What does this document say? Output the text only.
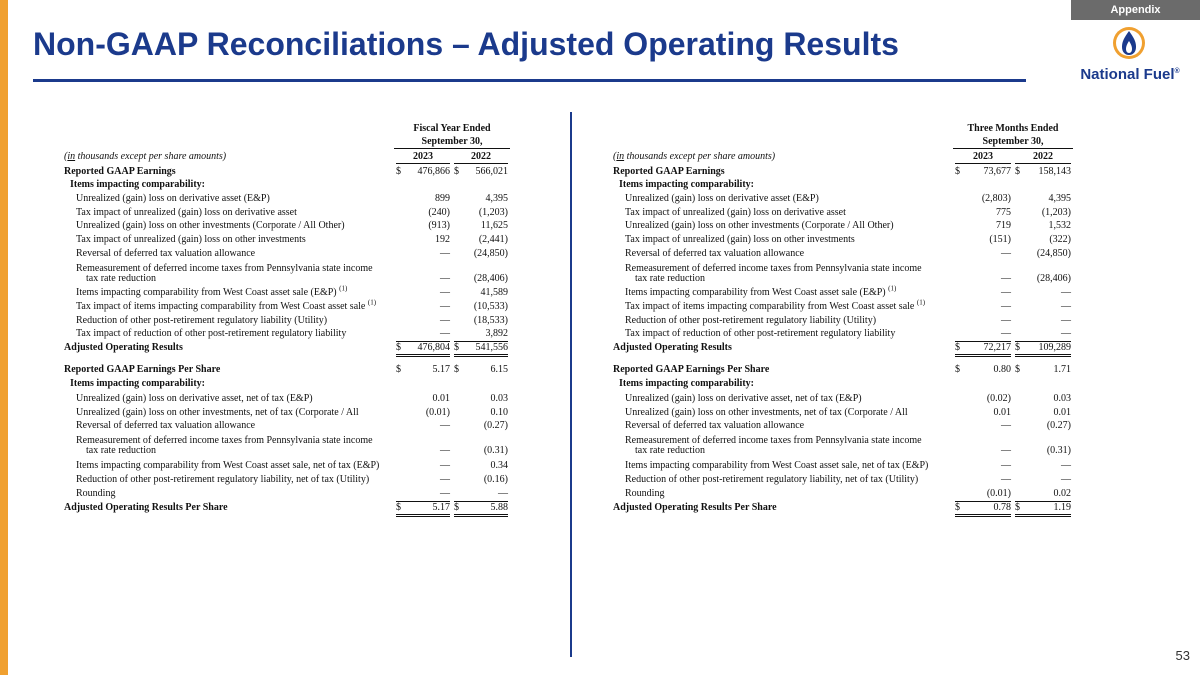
Appendix
Non-GAAP Reconciliations – Adjusted Operating Results
National Fuel®
53
Fiscal Year Ended
September 30,
(in thousands except per share amounts)	2023	2022
Reported GAAP Earnings	$	476,866 $	566,021
Items impacting comparability:
Unrealized (gain) loss on derivative asset (E&P)	899	4,395
Tax impact of unrealized (gain) loss on derivative asset	(240)	(1,203)
Unrealized (gain) loss on other investments (Corporate / All Other)	(913)	11,625
Tax impact of unrealized (gain) loss on other investments	192	(2,441)
Reversal of deferred tax valuation allowance	—	(24,850)
Remeasurement of deferred income taxes from Pennsylvania state income
tax rate reduction	—	(28,406)
Items impacting comparability from West Coast asset sale (E&P) $^{(1)}$	—	41,589
Tax impact of items impacting comparability from West Coast asset sale $^{(1)}$	—	(10,533)
Reduction of other post-retirement regulatory liability (Utility)	—	(18,533)
Tax impact of reduction of other post-retirement regulatory liability	—	3,892
Adjusted Operating Results	$	476,804 $	541,556
Reported GAAP Earnings Per Share	$	5.17 $	6.15
Items impacting comparability:
Unrealized (gain) loss on derivative asset, net of tax (E&P)	0.01	0.03
Unrealized (gain) loss on other investments, net of tax (Corporate / All	(0.01)	0.10
Reversal of deferred tax valuation allowance	—	(0.27)
Remeasurement of deferred income taxes from Pennsylvania state income
tax rate reduction	—	(0.31)
Items impacting comparability from West Coast asset sale, net of tax (E&P)	—	0.34
Reduction of other post-retirement regulatory liability, net of tax (Utility)	—	(0.16)
Rounding	—	—
Adjusted Operating Results Per Share	$	5.17 $	5.88
Three Months Ended
September 30,
(in thousands except per share amounts)	2023	2022
Reported GAAP Earnings	$	73,677 $	158,143
Items impacting comparability:
Unrealized (gain) loss on derivative asset (E&P)	(2,803)	4,395
Tax impact of unrealized (gain) loss on derivative asset	775	(1,203)
Unrealized (gain) loss on other investments (Corporate / All Other)	719	1,532
Tax impact of unrealized (gain) loss on other investments	(151)	(322)
Reversal of deferred tax valuation allowance	—	(24,850)
Remeasurement of deferred income taxes from Pennsylvania state income
tax rate reduction	—	(28,406)
Items impacting comparability from West Coast asset sale (E&P) $^{(1)}$	—	—
Tax impact of items impacting comparability from West Coast asset sale $^{(1)}$	—	—
Reduction of other post-retirement regulatory liability (Utility)	—	—
Tax impact of reduction of other post-retirement regulatory liability	—	—
Adjusted Operating Results	$	72,217 $	109,289
Reported GAAP Earnings Per Share	$	0.80 $	1.71
Items impacting comparability:
Unrealized (gain) loss on derivative asset, net of tax (E&P)	(0.02)	0.03
Unrealized (gain) loss on other investments, net of tax (Corporate / All	0.01	0.01
Reversal of deferred tax valuation allowance	—	(0.27)
Remeasurement of deferred income taxes from Pennsylvania state income
tax rate reduction	—	(0.31)
Items impacting comparability from West Coast asset sale, net of tax (E&P)	—	—
Reduction of other post-retirement regulatory liability, net of tax (Utility)	—	—
Rounding	(0.01)	0.02
Adjusted Operating Results Per Share	$	0.78 $	1.19
